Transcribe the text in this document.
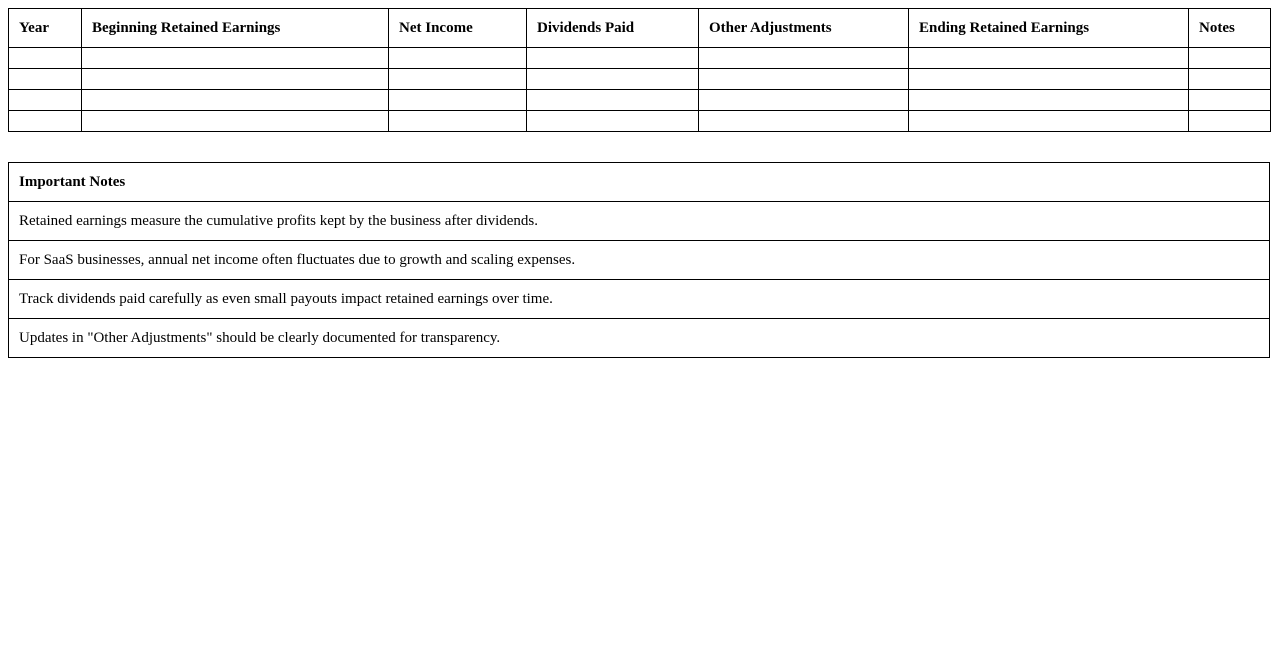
Year	Beginning Retained Earnings	Net Income	Dividends Paid	Other Adjustments	Ending Retained Earnings	Notes

Important Notes
Retained earnings measure the cumulative profits kept by the business after dividends.
For SaaS businesses, annual net income often fluctuates due to growth and scaling expenses.
Track dividends paid carefully as even small payouts impact retained earnings over time.
Updates in "Other Adjustments" should be clearly documented for transparency.
